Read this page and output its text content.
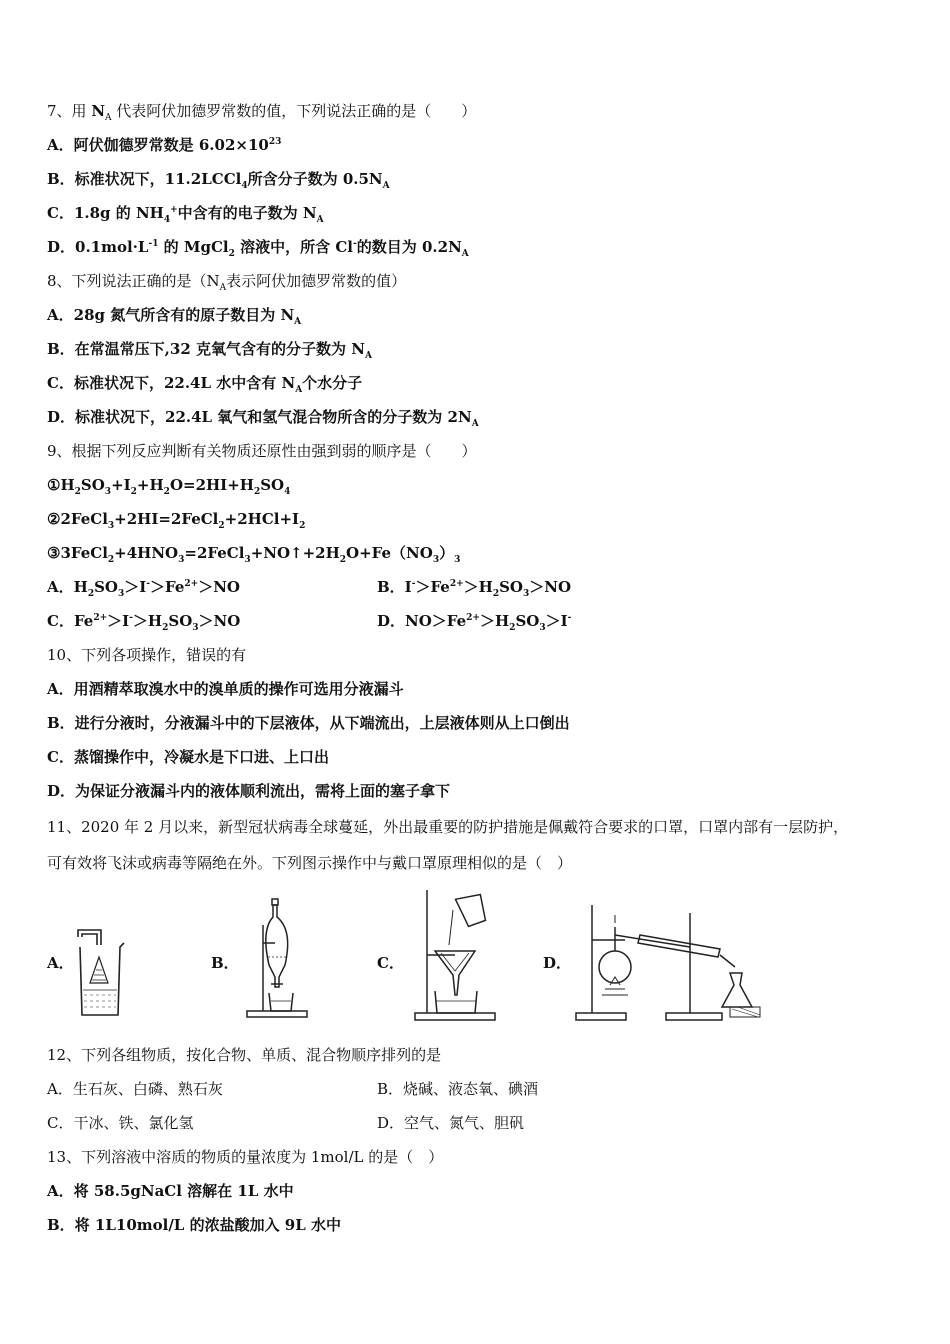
7、用 $N_A$ 代表阿伏加德罗常数的值，下列说法正确的是（　　）
A．阿伏伽德罗常数是 $6.02\times 10^{23}$
B．标准状况下，11.2LCCl$_4$所含分子数为 $0.5N_A$
C．1.8g 的 $NH_4^+$中含有的电子数为 $N_A$
D．$0.1mol\cdot L^{-1}$ 的 MgCl$_2$ 溶液中，所含 Cl-的数目为 $0.2N_A$
8、下列说法正确的是（$N_A$表示阿伏加德罗常数的值）
A．28g 氮气所含有的原子数目为 $N_A$
B．在常温常压下,32 克氧气含有的分子数为 $N_A$
C．标准状况下，22.4L 水中含有 $N_A$个水分子
D．标准状况下，22.4L 氧气和氢气混合物所含的分子数为 $2N_A$
9、根据下列反应判断有关物质还原性由强到弱的顺序是（　　）
$①H_2SO_3+I_2+H_2O=2HI+H_2SO_4$
$②2FeCl_3+2HI=2FeCl_2+2HCl+I_2$
$③3FeCl_2+4HNO_3=2FeCl_3+NO↑+2H_2O+Fe(NO_3)_3$
A．$H_2SO_3>I^->Fe^{2+}>NO$	B．$I^->Fe^{2+}>H_2SO_3>NO$
C．$Fe^{2+}>I^->H_2SO_3>NO$	D．$NO>Fe^{2+}>H_2SO_3>I^-$
10、下列各项操作，错误的有
A．用酒精萃取溴水中的溴单质的操作可选用分液漏斗
B．进行分液时，分液漏斗中的下层液体，从下端流出，上层液体则从上口倒出
C．蒸馏操作中，冷凝水是下口进、上口出
D．为保证分液漏斗内的液体顺利流出，需将上面的塞子拿下
11、2020 年 2 月以来，新型冠状病毒全球蔓延，外出最重要的防护措施是佩戴符合要求的口罩，口罩内部有一层防护，
可有效将飞沫或病毒等隔绝在外。下列图示操作中与戴口罩原理相似的是（　）
A．	B．	C．	D．
12、下列各组物质，按化合物、单质、混合物顺序排列的是
A．生石灰、白磷、熟石灰	B．烧碱、液态氧、碘酒
C．干冰、铁、氯化氢	D．空气、氮气、胆矾
13、下列溶液中溶质的物质的量浓度为 1mol/L 的是（　）
A．将 58.5gNaCl 溶解在 1L 水中
B．将 1L10mol/L 的浓盐酸加入 9L 水中
